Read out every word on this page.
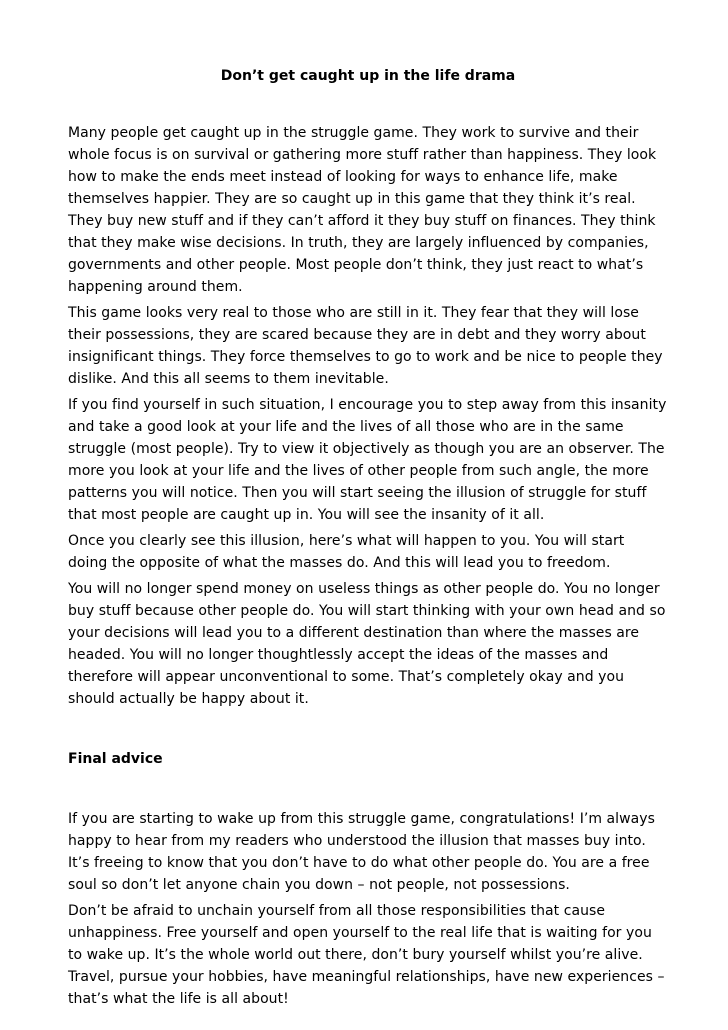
Don’t get caught up in the life drama

Many people get caught up in the struggle game. They work to survive and their whole focus is on survival or gathering more stuff rather than happiness. They look how to make the ends meet instead of looking for ways to enhance life, make themselves happier. They are so caught up in this game that they think it’s real. They buy new stuff and if they can’t afford it they buy stuff on finances. They think that they make wise decisions. In truth, they are largely influenced by companies, governments and other people. Most people don’t think, they just react to what’s happening around them.

This game looks very real to those who are still in it. They fear that they will lose their possessions, they are scared because they are in debt and they worry about insignificant things. They force themselves to go to work and be nice to people they dislike. And this all seems to them inevitable.

If you find yourself in such situation, I encourage you to step away from this insanity and take a good look at your life and the lives of all those who are in the same struggle (most people). Try to view it objectively as though you are an observer. The more you look at your life and the lives of other people from such angle, the more patterns you will notice. Then you will start seeing the illusion of struggle for stuff that most people are caught up in. You will see the insanity of it all.

Once you clearly see this illusion, here’s what will happen to you. You will start doing the opposite of what the masses do. And this will lead you to freedom.

You will no longer spend money on useless things as other people do. You no longer buy stuff because other people do. You will start thinking with your own head and so your decisions will lead you to a different destination than where the masses are headed. You will no longer thoughtlessly accept the ideas of the masses and therefore will appear unconventional to some. That’s completely okay and you should actually be happy about it.

Final advice

If you are starting to wake up from this struggle game, congratulations! I’m always happy to hear from my readers who understood the illusion that masses buy into. It’s freeing to know that you don’t have to do what other people do. You are a free soul so don’t let anyone chain you down – not people, not possessions.

Don’t be afraid to unchain yourself from all those responsibilities that cause unhappiness. Free yourself and open yourself to the real life that is waiting for you to wake up. It’s the whole world out there, don’t bury yourself whilst you’re alive. Travel, pursue your hobbies, have meaningful relationships, have new experiences – that’s what the life is all about!
